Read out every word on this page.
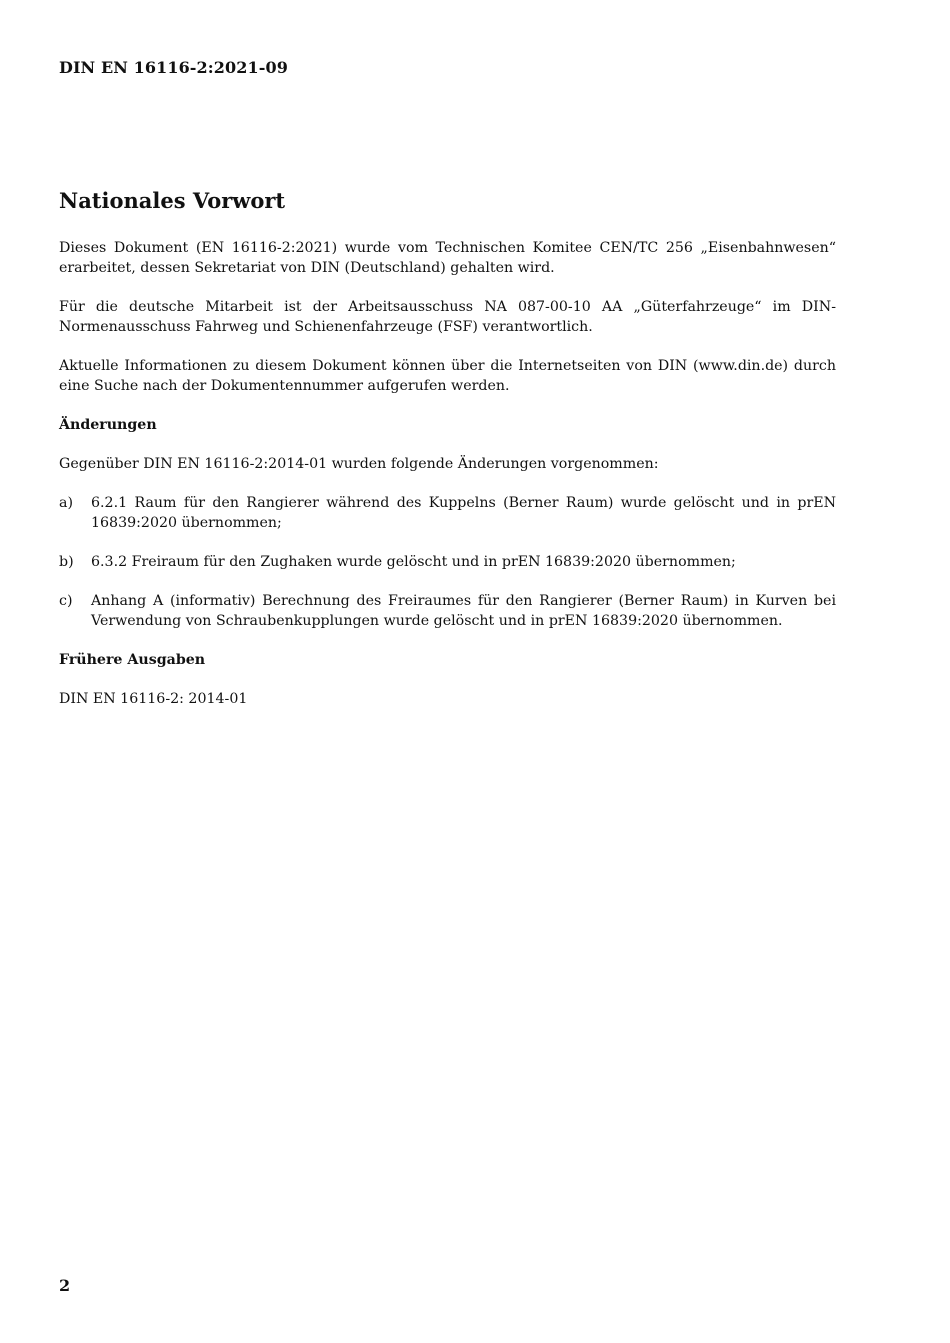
DIN EN 16116-2:2021-09
Nationales Vorwort

Dieses Dokument (EN 16116-2:2021) wurde vom Technischen Komitee CEN/TC 256 „Eisenbahnwesen“ erarbeitet, dessen Sekretariat von DIN (Deutschland) gehalten wird.

Für die deutsche Mitarbeit ist der Arbeitsausschuss NA 087-00-10 AA „Güterfahrzeuge“ im DIN-Normenausschuss Fahrweg und Schienenfahrzeuge (FSF) verantwortlich.

Aktuelle Informationen zu diesem Dokument können über die Internetseiten von DIN (www.din.de) durch eine Suche nach der Dokumentennummer aufgerufen werden.

Änderungen

Gegenüber DIN EN 16116-2:2014-01 wurden folgende Änderungen vorgenommen:

a)	6.2.1 Raum für den Rangierer während des Kuppelns (Berner Raum) wurde gelöscht und in prEN 16839:2020 übernommen;
b)	6.3.2 Freiraum für den Zughaken wurde gelöscht und in prEN 16839:2020 übernommen;
c)	Anhang A (informativ) Berechnung des Freiraumes für den Rangierer (Berner Raum) in Kurven bei Verwendung von Schraubenkupplungen wurde gelöscht und in prEN 16839:2020 übernommen.
Frühere Ausgaben

DIN EN 16116-2: 2014-01

2
